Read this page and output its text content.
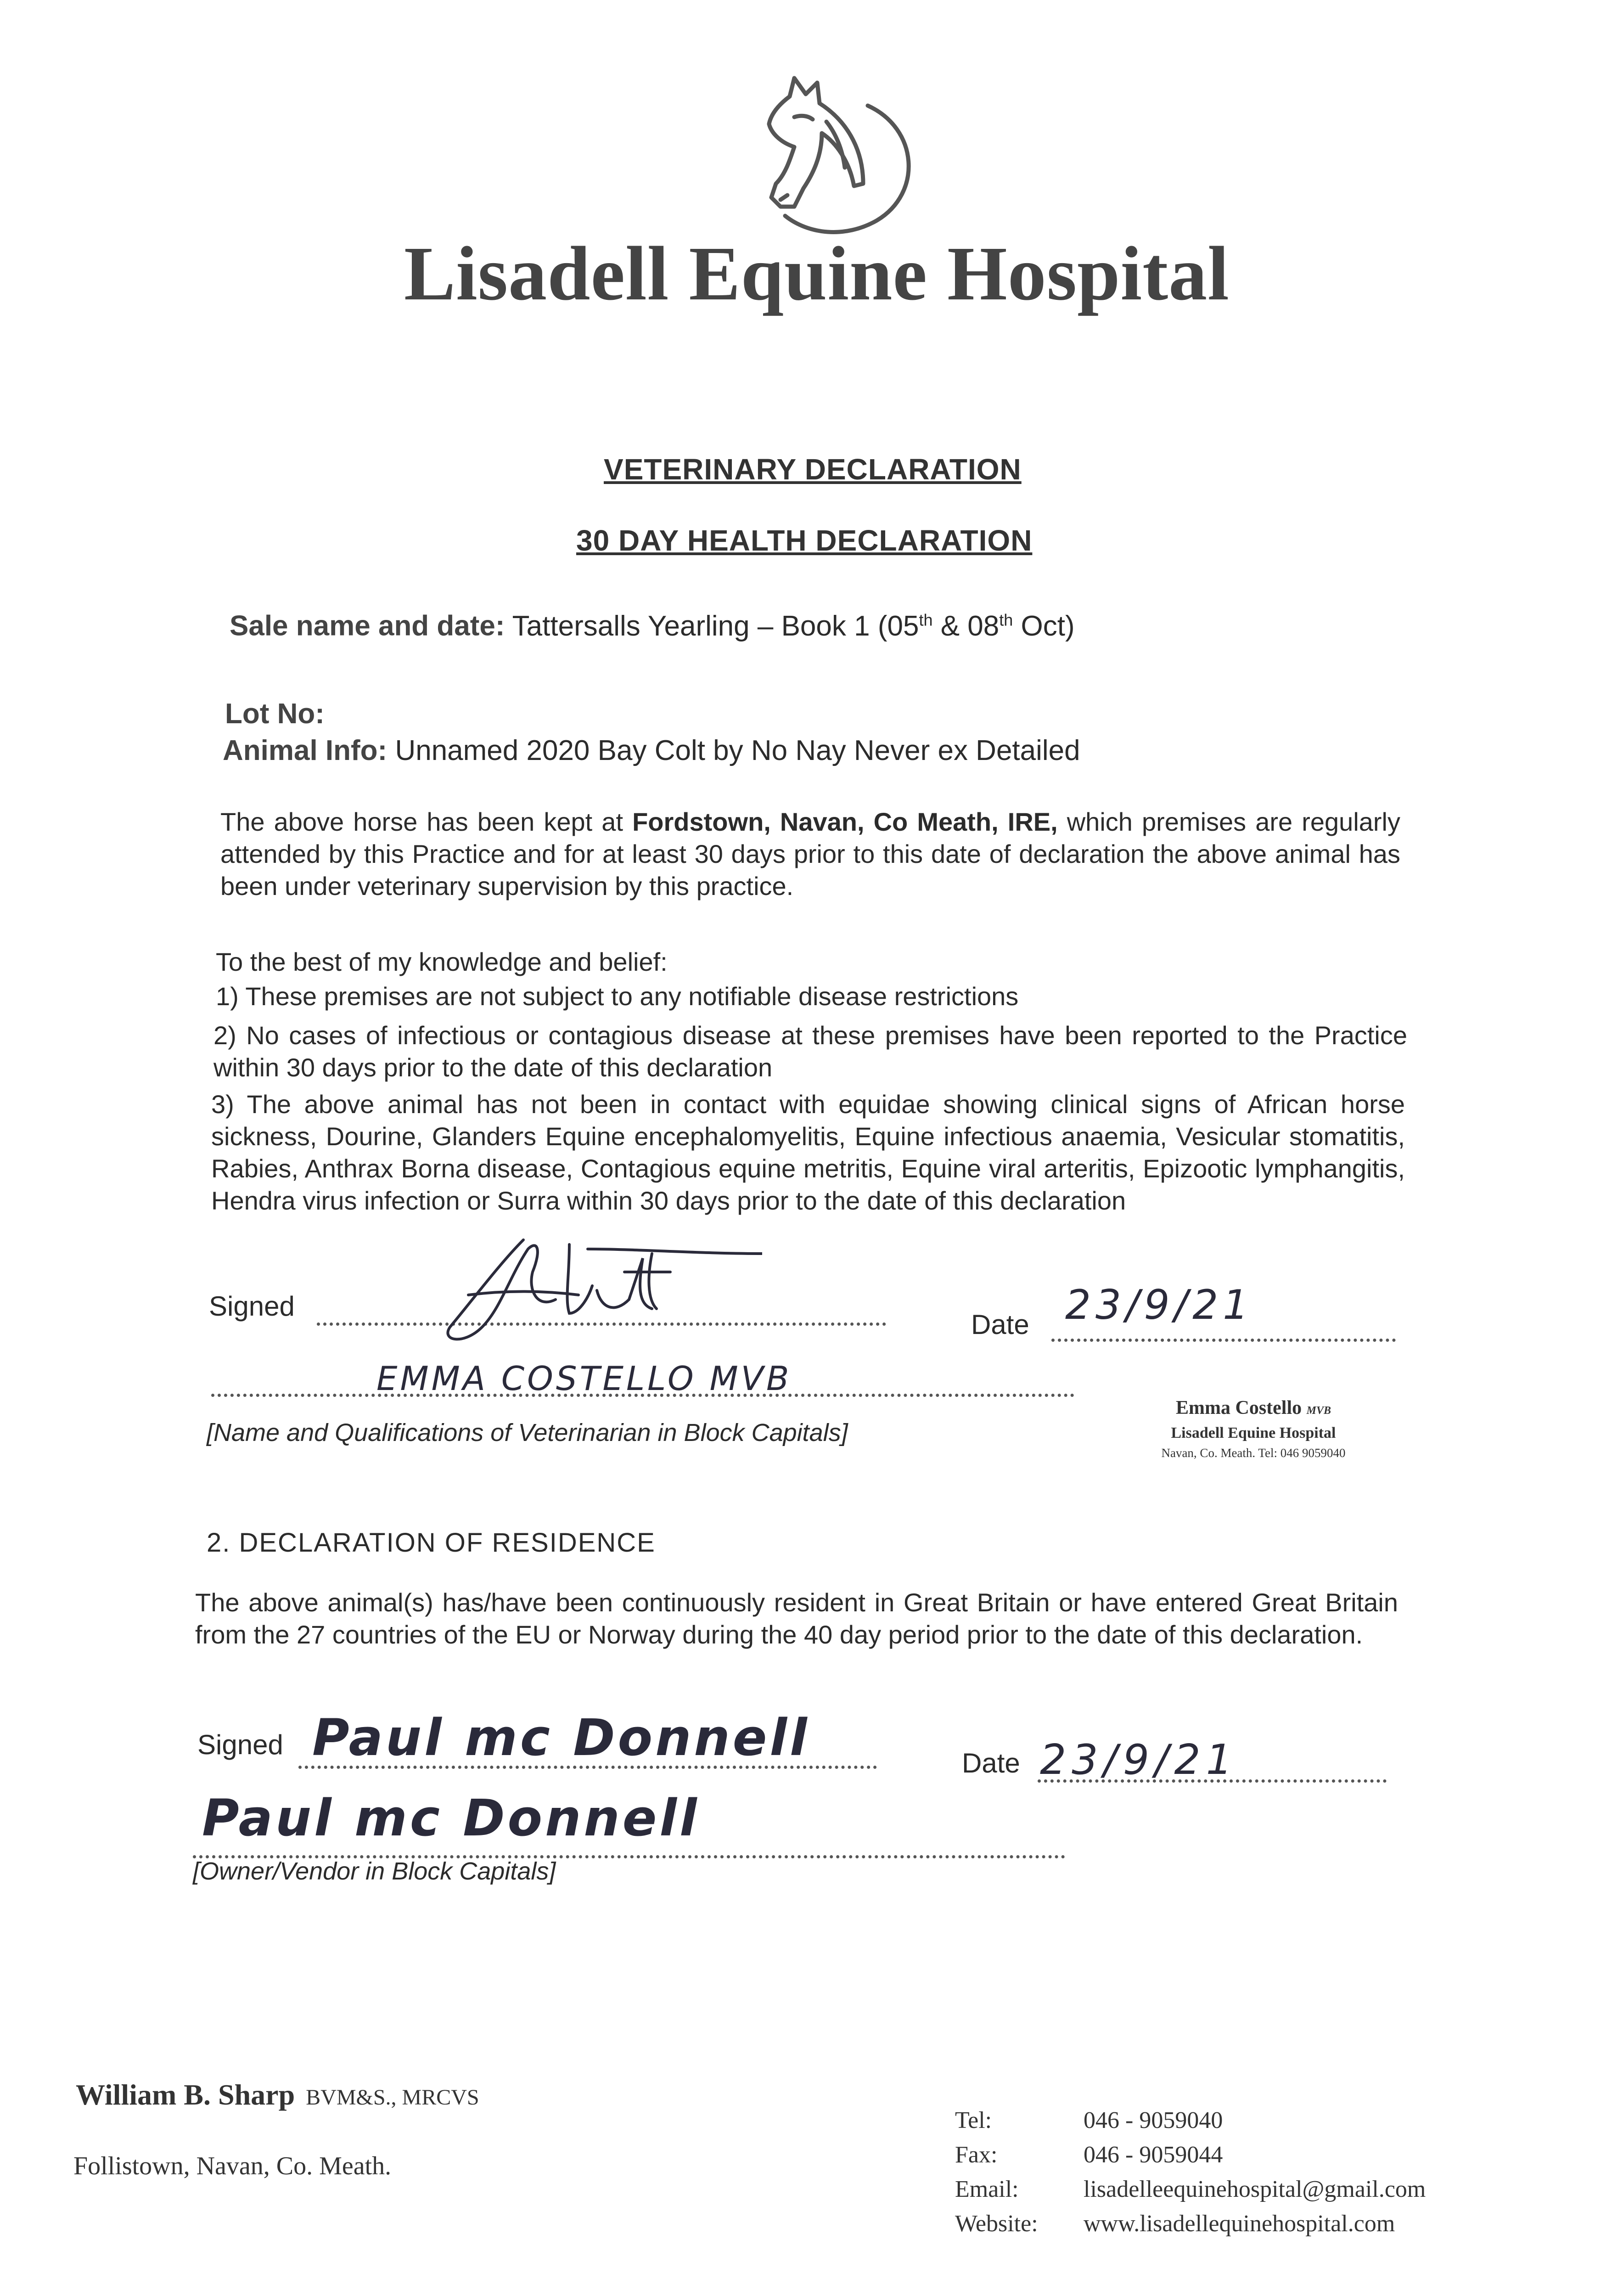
Lisadell Equine Hospital
VETERINARY DECLARATION
30 DAY HEALTH DECLARATION
Sale name and date: Tattersalls Yearling – Book 1 (05th & 08th Oct)
Lot No:
Animal Info: Unnamed 2020 Bay Colt by No Nay Never ex Detailed
The above horse has been kept at Fordstown, Navan, Co Meath, IRE, which premises are regularly attended by this Practice and for at least 30 days prior to this date of declaration the above animal has been under veterinary supervision by this practice.
To the best of my knowledge and belief:
1) These premises are not subject to any notifiable disease restrictions
2) No cases of infectious or contagious disease at these premises have been reported to the Practice within 30 days prior to the date of this declaration
3) The above animal has not been in contact with equidae showing clinical signs of African horse sickness, Dourine, Glanders Equine encephalomyelitis, Equine infectious anaemia, Vesicular stomatitis, Rabies, Anthrax Borna disease, Contagious equine metritis, Equine viral arteritis, Epizootic lymphangitis, Hendra virus infection or Surra within 30 days prior to the date of this declaration
Signed
Date 23/9/21
EMMA COSTELLO MVB
[Name and Qualifications of Veterinarian in Block Capitals]
Emma Costello MVB
Lisadell Equine Hospital
Navan, Co. Meath. Tel: 046 9059040
2. DECLARATION OF RESIDENCE
The above animal(s) has/have been continuously resident in Great Britain or have entered Great Britain from the 27 countries of the EU or Norway during the 40 day period prior to the date of this declaration.
Signed Paul mc Donnell	Date 23/9/21
Paul mc Donnell
[Owner/Vendor in Block Capitals]
William B. Sharp BVM&S., MRCVS
Follistown, Navan, Co. Meath.
Tel:	046 - 9059040
Fax:	046 - 9059044
Email:	lisadelleequinehospital@gmail.com
Website: www.lisadellequinehospital.com
